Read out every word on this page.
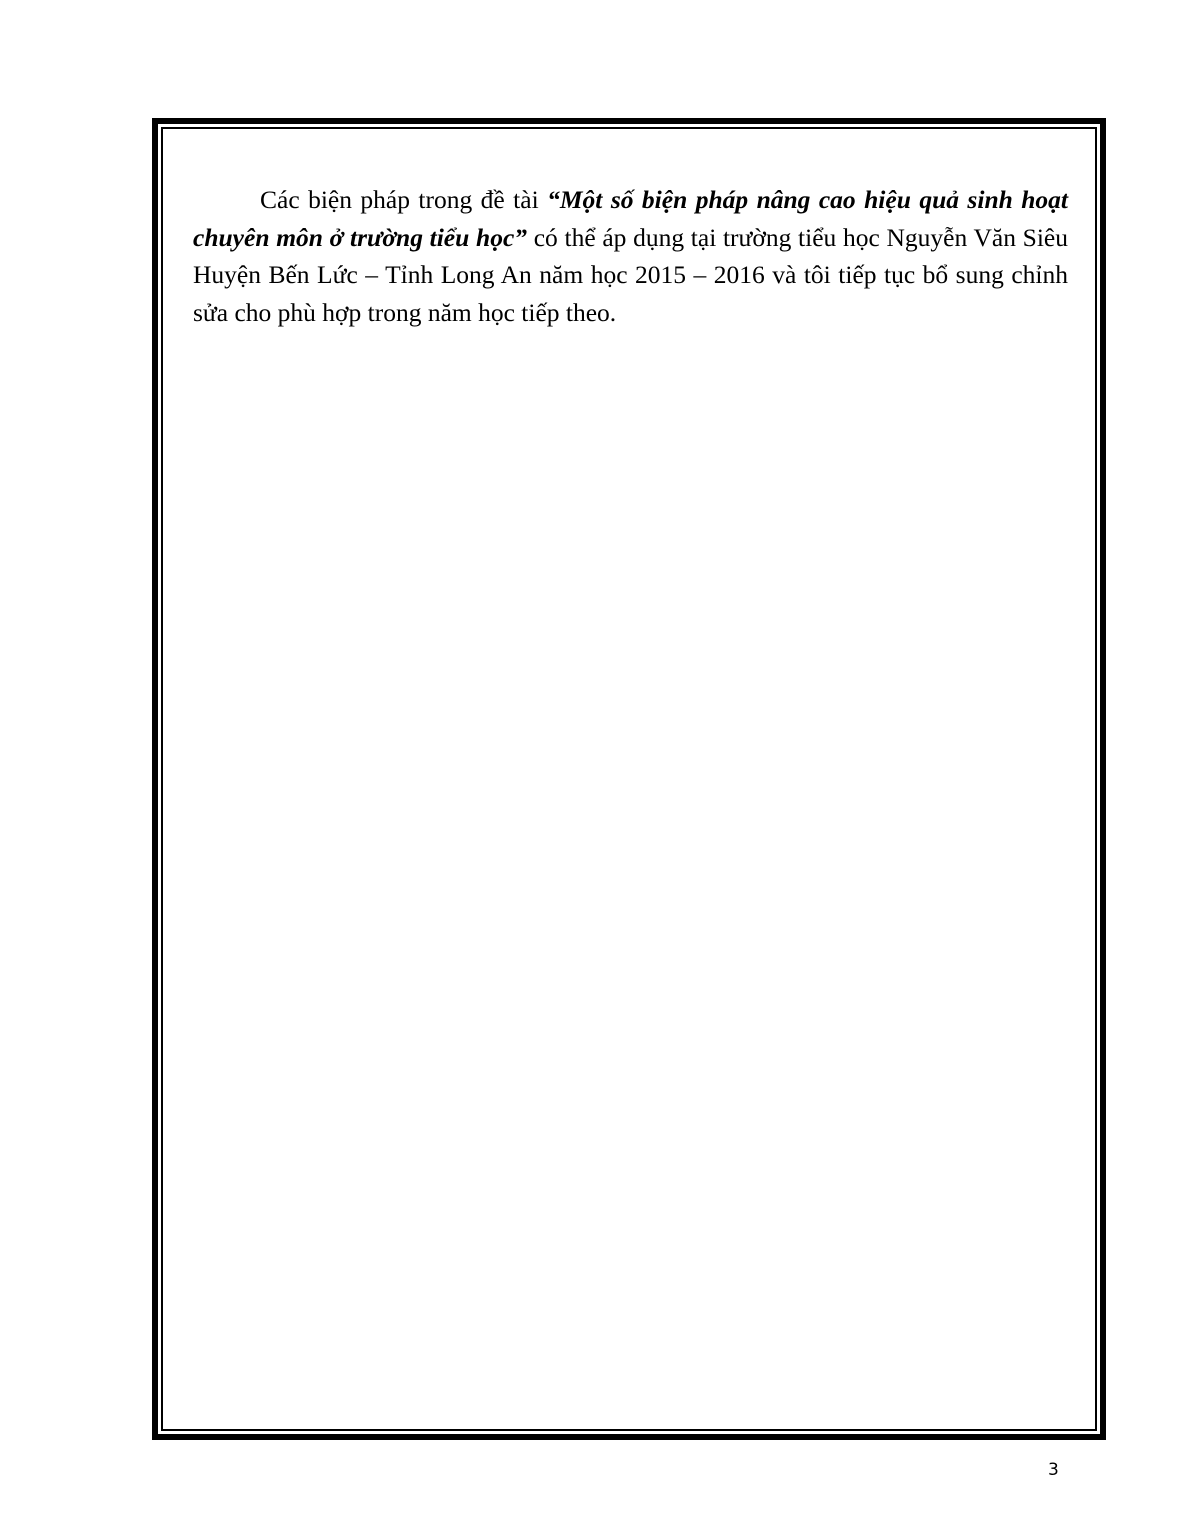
Các biện pháp trong đề tài “Một số biện pháp nâng cao hiệu quả sinh hoạt chuyên môn ở trường tiểu học” có thể áp dụng tại trường tiểu học Nguyễn Văn Siêu Huyện Bến Lức – Tỉnh Long An năm học 2015 – 2016 và tôi tiếp tục bổ sung chỉnh sửa cho phù hợp trong năm học tiếp theo.

3
